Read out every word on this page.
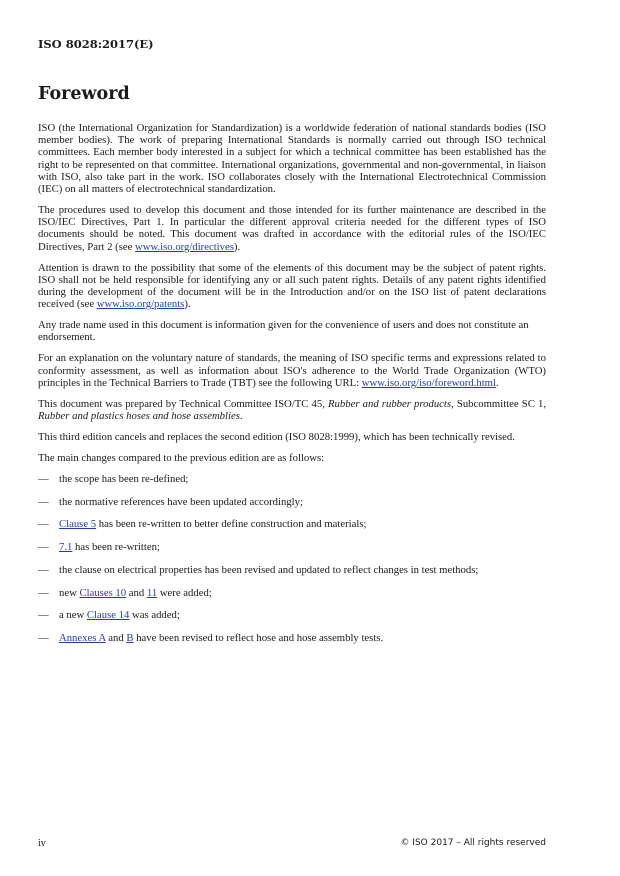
ISO 8028:2017(E)
Foreword

ISO (the International Organization for Standardization) is a worldwide federation of national standards bodies (ISO member bodies). The work of preparing International Standards is normally carried out through ISO technical committees. Each member body interested in a subject for which a technical committee has been established has the right to be represented on that committee. International organizations, governmental and non-governmental, in liaison with ISO, also take part in the work. ISO collaborates closely with the International Electrotechnical Commission (IEC) on all matters of electrotechnical standardization.

The procedures used to develop this document and those intended for its further maintenance are described in the ISO/IEC Directives, Part 1. In particular the different approval criteria needed for the different types of ISO documents should be noted. This document was drafted in accordance with the editorial rules of the ISO/IEC Directives, Part 2 (see www.iso.org/directives).

Attention is drawn to the possibility that some of the elements of this document may be the subject of patent rights. ISO shall not be held responsible for identifying any or all such patent rights. Details of any patent rights identified during the development of the document will be in the Introduction and/or on the ISO list of patent declarations received (see www.iso.org/patents).

Any trade name used in this document is information given for the convenience of users and does not constitute an endorsement.

For an explanation on the voluntary nature of standards, the meaning of ISO specific terms and expressions related to conformity assessment, as well as information about ISO's adherence to the World Trade Organization (WTO) principles in the Technical Barriers to Trade (TBT) see the following URL: www.iso.org/iso/foreword.html.

This document was prepared by Technical Committee ISO/TC 45, Rubber and rubber products, Subcommittee SC 1, Rubber and plastics hoses and hose assemblies.

This third edition cancels and replaces the second edition (ISO 8028:1999), which has been technically revised.

The main changes compared to the previous edition are as follows:

— the scope has been re-defined;
— the normative references have been updated accordingly;
— Clause 5 has been re-written to better define construction and materials;
— 7.1 has been re-written;
— the clause on electrical properties has been revised and updated to reflect changes in test methods;
— new Clauses 10 and 11 were added;
— a new Clause 14 was added;
— Annexes A and B have been revised to reflect hose and hose assembly tests.
iv	© ISO 2017 – All rights reserved
